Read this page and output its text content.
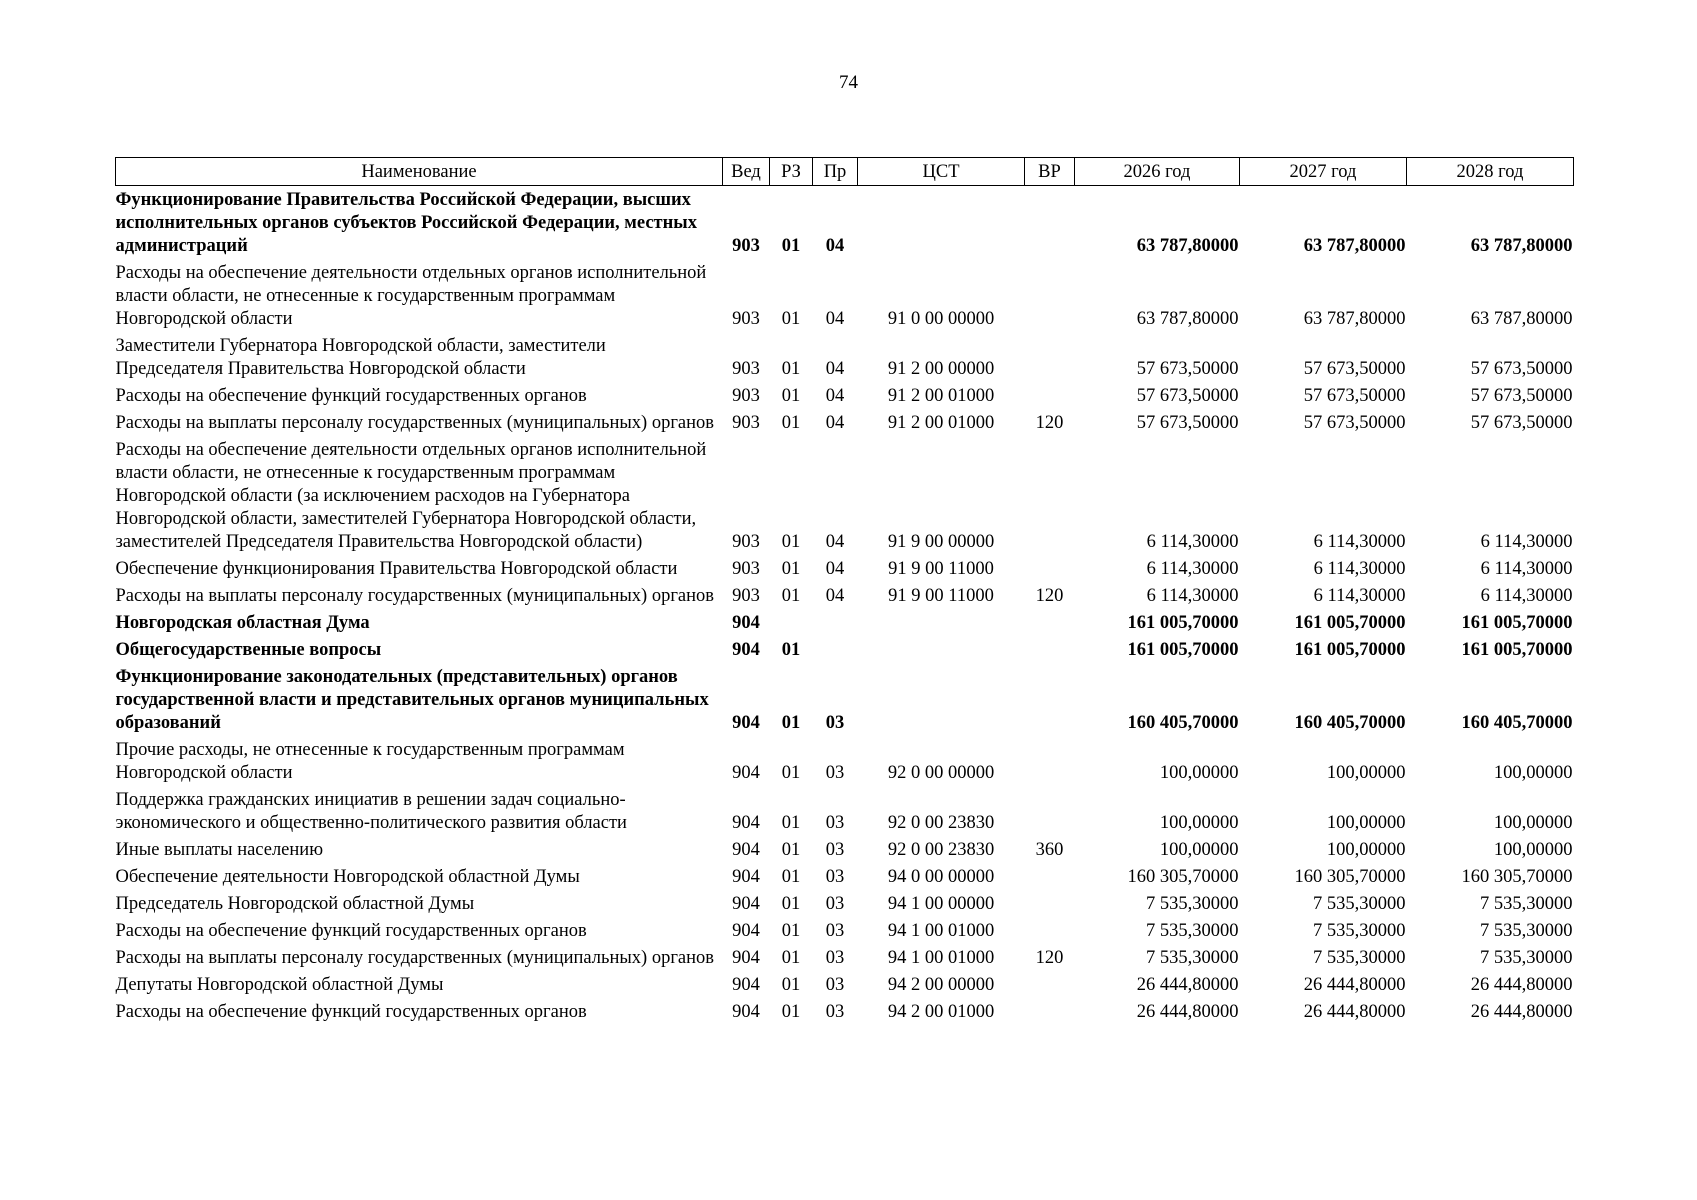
74
Наименование	Вед	РЗ	Пр	ЦСТ	ВР	2026 год	2027 год	2028 год
Функционирование Правительства Российской Федерации, высших исполнительных органов субъектов Российской Федерации, местных администраций	903	01	04			63 787,80000	63 787,80000	63 787,80000
Расходы на обеспечение деятельности отдельных органов исполнительной власти области, не отнесенные к государственным программам Новгородской области	903	01	04	91 0 00 00000		63 787,80000	63 787,80000	63 787,80000
Заместители Губернатора Новгородской области, заместители Председателя Правительства Новгородской области	903	01	04	91 2 00 00000		57 673,50000	57 673,50000	57 673,50000
Расходы на обеспечение функций государственных органов	903	01	04	91 2 00 01000		57 673,50000	57 673,50000	57 673,50000
Расходы на выплаты персоналу государственных (муниципальных) органов	903	01	04	91 2 00 01000	120	57 673,50000	57 673,50000	57 673,50000
Расходы на обеспечение деятельности отдельных органов исполнительной власти области, не отнесенные к государственным программам Новгородской области (за исключением расходов на Губернатора Новгородской области, заместителей Губернатора Новгородской области, заместителей Председателя Правительства Новгородской области)	903	01	04	91 9 00 00000		6 114,30000	6 114,30000	6 114,30000
Обеспечение функционирования Правительства Новгородской области	903	01	04	91 9 00 11000		6 114,30000	6 114,30000	6 114,30000
Расходы на выплаты персоналу государственных (муниципальных) органов	903	01	04	91 9 00 11000	120	6 114,30000	6 114,30000	6 114,30000
Новгородская областная Дума	904					161 005,70000	161 005,70000	161 005,70000
Общегосударственные вопросы	904	01				161 005,70000	161 005,70000	161 005,70000
Функционирование законодательных (представительных) органов государственной власти и представительных органов муниципальных образований	904	01	03			160 405,70000	160 405,70000	160 405,70000
Прочие расходы, не отнесенные к государственным программам Новгородской области	904	01	03	92 0 00 00000		100,00000	100,00000	100,00000
Поддержка гражданских инициатив в решении задач социально-экономического и общественно-политического развития области	904	01	03	92 0 00 23830		100,00000	100,00000	100,00000
Иные выплаты населению	904	01	03	92 0 00 23830	360	100,00000	100,00000	100,00000
Обеспечение деятельности Новгородской областной Думы	904	01	03	94 0 00 00000		160 305,70000	160 305,70000	160 305,70000
Председатель Новгородской областной Думы	904	01	03	94 1 00 00000		7 535,30000	7 535,30000	7 535,30000
Расходы на обеспечение функций государственных органов	904	01	03	94 1 00 01000		7 535,30000	7 535,30000	7 535,30000
Расходы на выплаты персоналу государственных (муниципальных) органов	904	01	03	94 1 00 01000	120	7 535,30000	7 535,30000	7 535,30000
Депутаты Новгородской областной Думы	904	01	03	94 2 00 00000		26 444,80000	26 444,80000	26 444,80000
Расходы на обеспечение функций государственных органов	904	01	03	94 2 00 01000		26 444,80000	26 444,80000	26 444,80000
